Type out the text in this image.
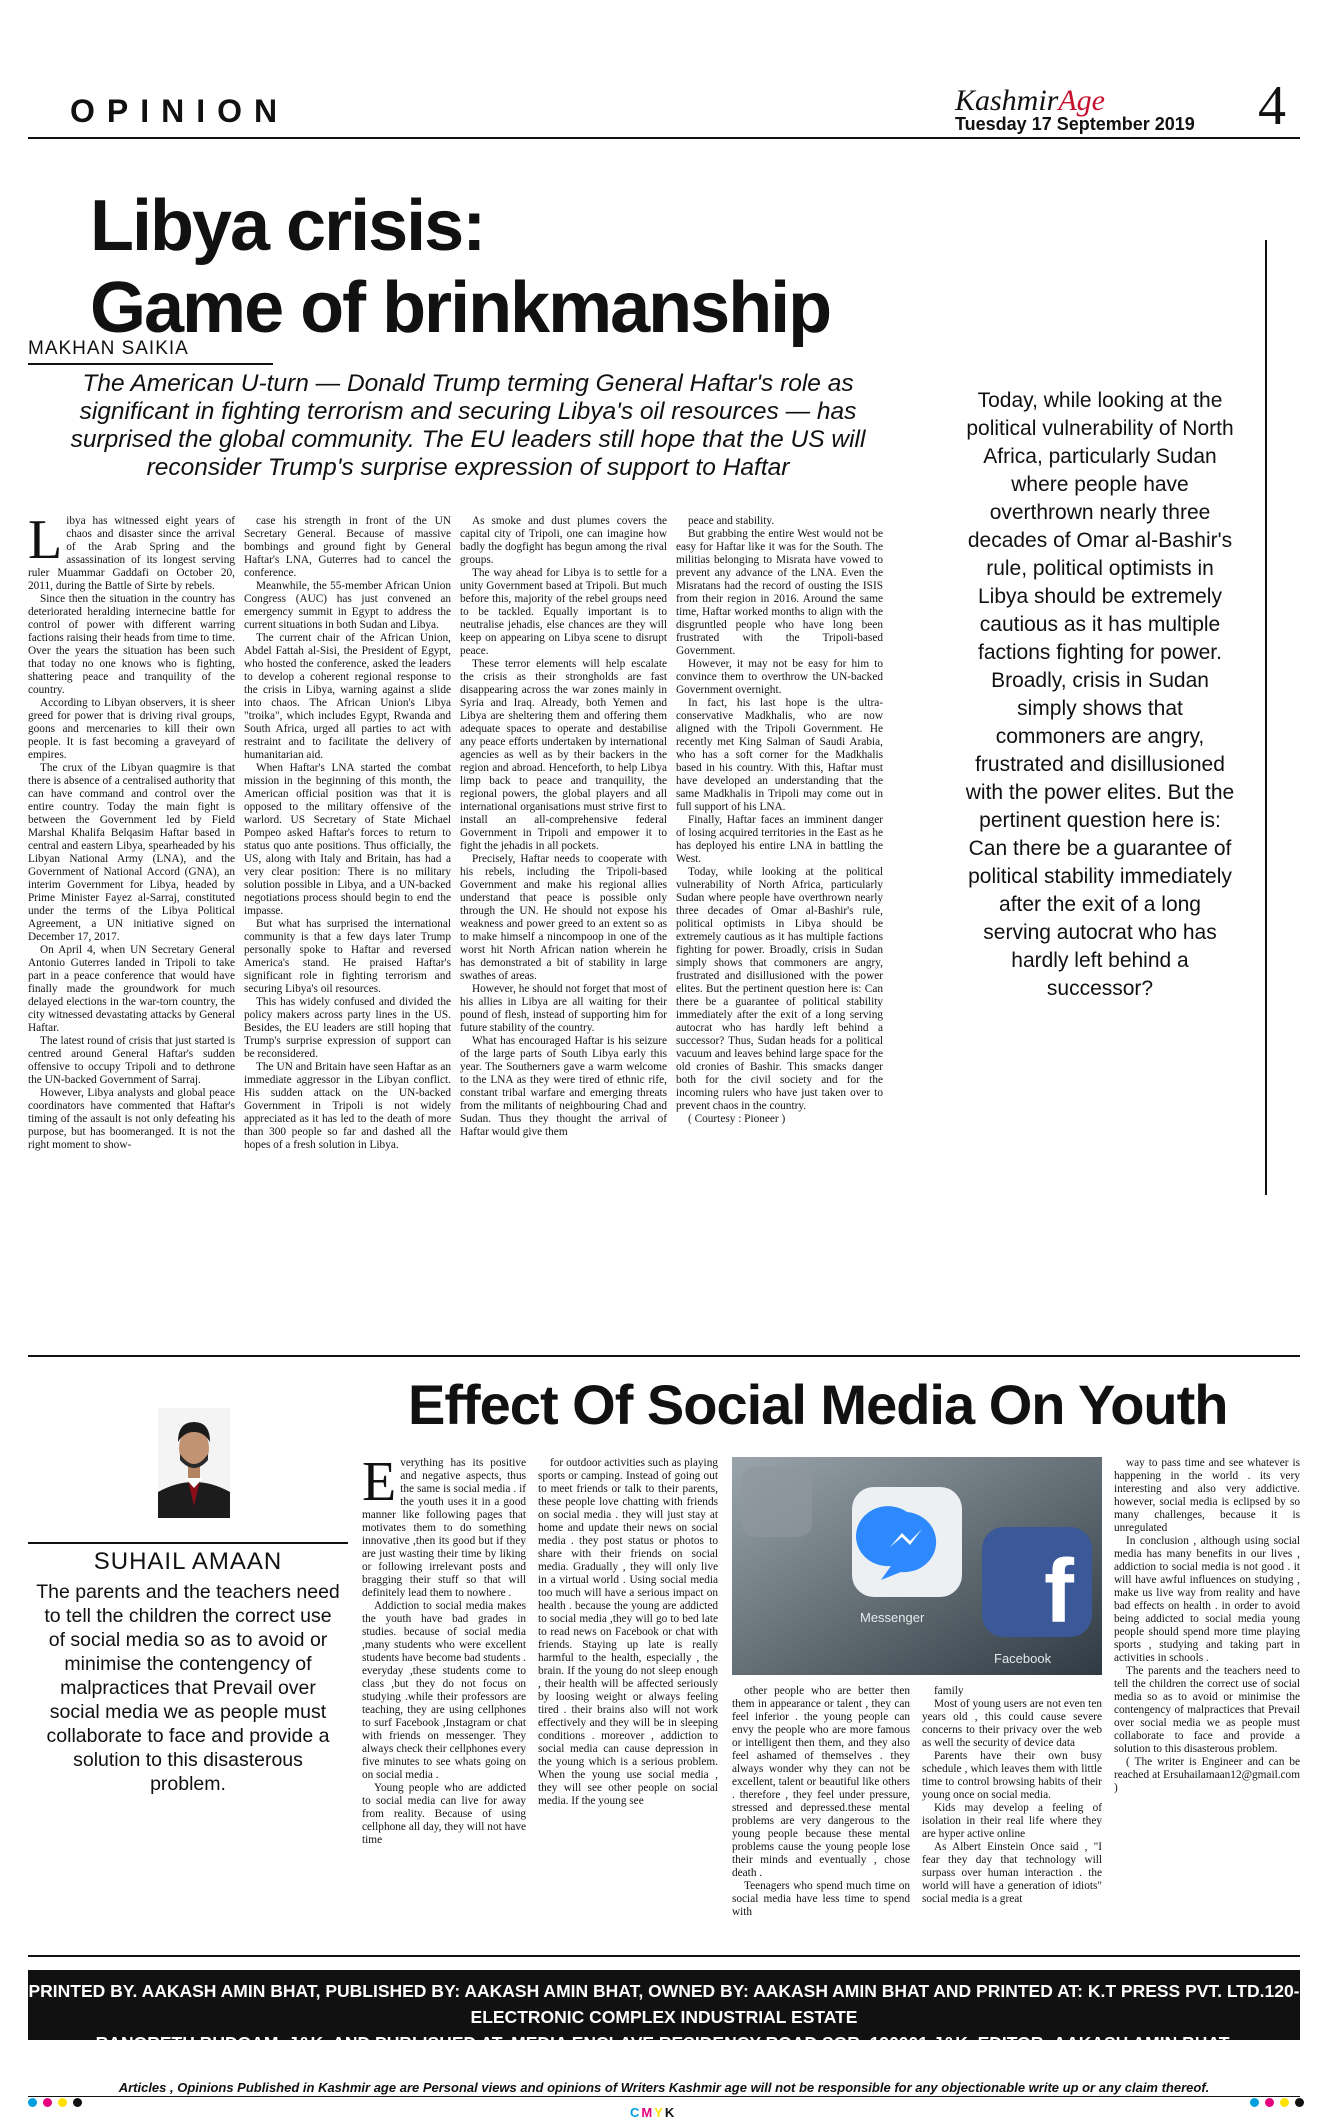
OPINION	KashmirAge
Tuesday 17 September 2019 4
Libya crisis:
Game of brinkmanship
MAKHAN SAIKIA
The American U-turn — Donald Trump terming General Haftar's role as significant in fighting terrorism and securing Libya's oil resources — has surprised the global community. The EU leaders still hope that the US will reconsider Trump's surprise expression of support to Haftar
L ibya has witnessed eight years of chaos and disaster since the arrival of the Arab Spring and the assassination of its longest serving ruler Muammar Gaddafi on October 20, 2011, during the Battle of Sirte by rebels.

Since then the situation in the country has deteriorated heralding internecine battle for control of power with different warring factions raising their heads from time to time. Over the years the situation has been such that today no one knows who is fighting, shattering peace and tranquility of the country.

According to Libyan observers, it is sheer greed for power that is driving rival groups, goons and mercenaries to kill their own people. It is fast becoming a graveyard of empires.

The crux of the Libyan quagmire is that there is absence of a centralised authority that can have command and control over the entire country. Today the main fight is between the Government led by Field Marshal Khalifa Belqasim Haftar based in central and eastern Libya, spearheaded by his Libyan National Army (LNA), and the Government of National Accord (GNA), an interim Government for Libya, headed by Prime Minister Fayez al-Sarraj, constituted under the terms of the Libya Political Agreement, a UN initiative signed on December 17, 2017.

On April 4, when UN Secretary General Antonio Guterres landed in Tripoli to take part in a peace conference that would have finally made the groundwork for much delayed elections in the war-torn country, the city witnessed devastating attacks by General Haftar.

The latest round of crisis that just started is centred around General Haftar's sudden offensive to occupy Tripoli and to dethrone the UN-backed Government of Sarraj.

However, Libya analysts and global peace coordinators have commented that Haftar's timing of the assault is not only defeating his purpose, but has boomeranged. It is not the right moment to show-

case his strength in front of the UN Secretary General. Because of massive bombings and ground fight by General Haftar's LNA, Guterres had to cancel the conference.

Meanwhile, the 55-member African Union Congress (AUC) has just convened an emergency summit in Egypt to address the current situations in both Sudan and Libya.

The current chair of the African Union, Abdel Fattah al-Sisi, the President of Egypt, who hosted the conference, asked the leaders to develop a coherent regional response to the crisis in Libya, warning against a slide into chaos. The African Union's Libya "troika", which includes Egypt, Rwanda and South Africa, urged all parties to act with restraint and to facilitate the delivery of humanitarian aid.

When Haftar's LNA started the combat mission in the beginning of this month, the American official position was that it is opposed to the military offensive of the warlord. US Secretary of State Michael Pompeo asked Haftar's forces to return to status quo ante positions. Thus officially, the US, along with Italy and Britain, has had a very clear position: There is no military solution possible in Libya, and a UN-backed negotiations process should begin to end the impasse.

But what has surprised the international community is that a few days later Trump personally spoke to Haftar and reversed America's stand. He praised Haftar's significant role in fighting terrorism and securing Libya's oil resources.

This has widely confused and divided the policy makers across party lines in the US. Besides, the EU leaders are still hoping that Trump's surprise expression of support can be reconsidered.

The UN and Britain have seen Haftar as an immediate aggressor in the Libyan conflict. His sudden attack on the UN-backed Government in Tripoli is not widely appreciated as it has led to the death of more than 300 people so far and dashed all the hopes of a fresh solution in Libya.

As smoke and dust plumes covers the capital city of Tripoli, one can imagine how badly the dogfight has begun among the rival groups.

The way ahead for Libya is to settle for a unity Government based at Tripoli. But much before this, majority of the rebel groups need to be tackled. Equally important is to neutralise jehadis, else chances are they will keep on appearing on Libya scene to disrupt peace.

These terror elements will help escalate the crisis as their strongholds are fast disappearing across the war zones mainly in Syria and Iraq. Already, both Yemen and Libya are sheltering them and offering them adequate spaces to operate and destabilise any peace efforts undertaken by international agencies as well as by their backers in the region and abroad. Henceforth, to help Libya limp back to peace and tranquility, the regional powers, the global players and all international organisations must strive first to install an all-comprehensive federal Government in Tripoli and empower it to fight the jehadis in all pockets.

Precisely, Haftar needs to cooperate with his rebels, including the Tripoli-based Government and make his regional allies understand that peace is possible only through the UN. He should not expose his weakness and power greed to an extent so as to make himself a nincompoop in one of the worst hit North African nation wherein he has demonstrated a bit of stability in large swathes of areas.

However, he should not forget that most of his allies in Libya are all waiting for their pound of flesh, instead of supporting him for future stability of the country.

What has encouraged Haftar is his seizure of the large parts of South Libya early this year. The Southerners gave a warm welcome to the LNA as they were tired of ethnic rife, constant tribal warfare and emerging threats from the militants of neighbouring Chad and Sudan. Thus they thought the arrival of Haftar would give them

peace and stability.

But grabbing the entire West would not be easy for Haftar like it was for the South. The militias belonging to Misrata have vowed to prevent any advance of the LNA. Even the Misratans had the record of ousting the ISIS from their region in 2016. Around the same time, Haftar worked months to align with the disgruntled people who have long been frustrated with the Tripoli-based Government.

However, it may not be easy for him to convince them to overthrow the UN-backed Government overnight.

In fact, his last hope is the ultra-conservative Madkhalis, who are now aligned with the Tripoli Government. He recently met King Salman of Saudi Arabia, who has a soft corner for the Madkhalis based in his country. With this, Haftar must have developed an understanding that the same Madkhalis in Tripoli may come out in full support of his LNA.

Finally, Haftar faces an imminent danger of losing acquired territories in the East as he has deployed his entire LNA in battling the West.

Today, while looking at the political vulnerability of North Africa, particularly Sudan where people have overthrown nearly three decades of Omar al-Bashir's rule, political optimists in Libya should be extremely cautious as it has multiple factions fighting for power. Broadly, crisis in Sudan simply shows that commoners are angry, frustrated and disillusioned with the power elites. But the pertinent question here is: Can there be a guarantee of political stability immediately after the exit of a long serving autocrat who has hardly left behind a successor? Thus, Sudan heads for a political vacuum and leaves behind large space for the old cronies of Bashir. This smacks danger both for the civil society and for the incoming rulers who have just taken over to prevent chaos in the country.

( Courtesy : Pioneer )

Today, while looking at the political vulnerability of North Africa, particularly Sudan where people have overthrown nearly three decades of Omar al-Bashir's rule, political optimists in Libya should be extremely cautious as it has multiple factions fighting for power. Broadly, crisis in Sudan simply shows that commoners are angry, frustrated and disillusioned with the power elites. But the pertinent question here is: Can there be a guarantee of political stability immediately after the exit of a long serving autocrat who has hardly left behind a successor?
Effect Of Social Media On Youth
SUHAIL AMAAN
The parents and the teachers need to tell the children the correct use of social media so as to avoid or minimise the contengency of malpractices that Prevail over social media we as people must collaborate to face and provide a solution to this disasterous problem.
E verything has its positive and negative aspects, thus the same is social media . if the youth uses it in a good manner like following pages that motivates them to do something innovative ,then its good but if they are just wasting their time by liking or following irrelevant posts and bragging their stuff so that will definitely lead them to nowhere .

Addiction to social media makes the youth have bad grades in studies. because of social media ,many students who were excellent students have become bad students . everyday ,these students come to class ,but they do not focus on studying .while their professors are teaching, they are using cellphones to surf Facebook ,Instagram or chat with friends on messenger. They always check their cellphones every five minutes to see whats going on on social media .

Young people who are addicted to social media can live for away from reality. Because of using cellphone all day, they will not have time

for outdoor activities such as playing sports or camping. Instead of going out to meet friends or talk to their parents, these people love chatting with friends on social media . they will just stay at home and update their news on social media . they post status or photos to share with their friends on social media. Gradually , they will only live in a virtual world . Using social media too much will have a serious impact on health . because the young are addicted to social media ,they will go to bed late to read news on Facebook or chat with friends. Staying up late is really harmful to the health, especially , the brain. If the young do not sleep enough , their health will be affected seriously by loosing weight or always feeling tired . their brains also will not work effectively and they will be in sleeping conditions . moreover , addiction to social media can cause depression in the young which is a serious problem. When the young use social media , they will see other people on social media. If the young see

f
Messenger
Facebook

other people who are better then them in appearance or talent , they can feel inferior . the young people can envy the people who are more famous or intelligent then them, and they also feel ashamed of themselves . they always wonder why they can not be excellent, talent or beautiful like others . therefore , they feel under pressure, stressed and depressed.these mental problems are very dangerous to the young people because these mental problems cause the young people lose their minds and eventually , chose death .

Teenagers who spend much time on social media have less time to spend with

family

Most of young users are not even ten years old , this could cause severe concerns to their privacy over the web as well the security of device data

Parents have their own busy schedule , which leaves them with little time to control browsing habits of their young once on social media.

Kids may develop a feeling of isolation in their real life where they are hyper active online

As Albert Einstein Once said , "I fear they day that technology will surpass over human interaction . the world will have a generation of idiots" social media is a great

way to pass time and see whatever is happening in the world . its very interesting and also very addictive. however, social media is eclipsed by so many challenges, because it is unregulated

In conclusion , although using social media has many benefits in our lives , addiction to social media is not good . it will have awful influences on studying , make us live way from reality and have bad effects on health . in order to avoid being addicted to social media young people should spend more time playing sports , studying and taking part in activities in schools .

The parents and the teachers need to tell the children the correct use of social media so as to avoid or minimise the contengency of malpractices that Prevail over social media we as people must collaborate to face and provide a solution to this disasterous problem.

( The writer is Engineer and can be reached at Ersuhailamaan12@gmail.com )

PRINTED BY. AAKASH AMIN BHAT, PUBLISHED BY: AAKASH AMIN BHAT, OWNED BY: AAKASH AMIN BHAT AND PRINTED AT: K.T PRESS PVT. LTD.120- ELECTRONIC COMPLEX INDUSTRIAL ESTATE
RANGRETH BUDGAM, J&K. AND PUBLISHED AT: MEDIA ENCLAVE RESIDENCY ROAD SGR. 190001 J&K. EDITOR: AAKASH AMIN BHAT, JKENG/2006/23952
Articles , Opinions Published in Kashmir age are Personal views and opinions of Writers Kashmir age will not be responsible for any objectionable write up or any claim thereof.
CMYK
